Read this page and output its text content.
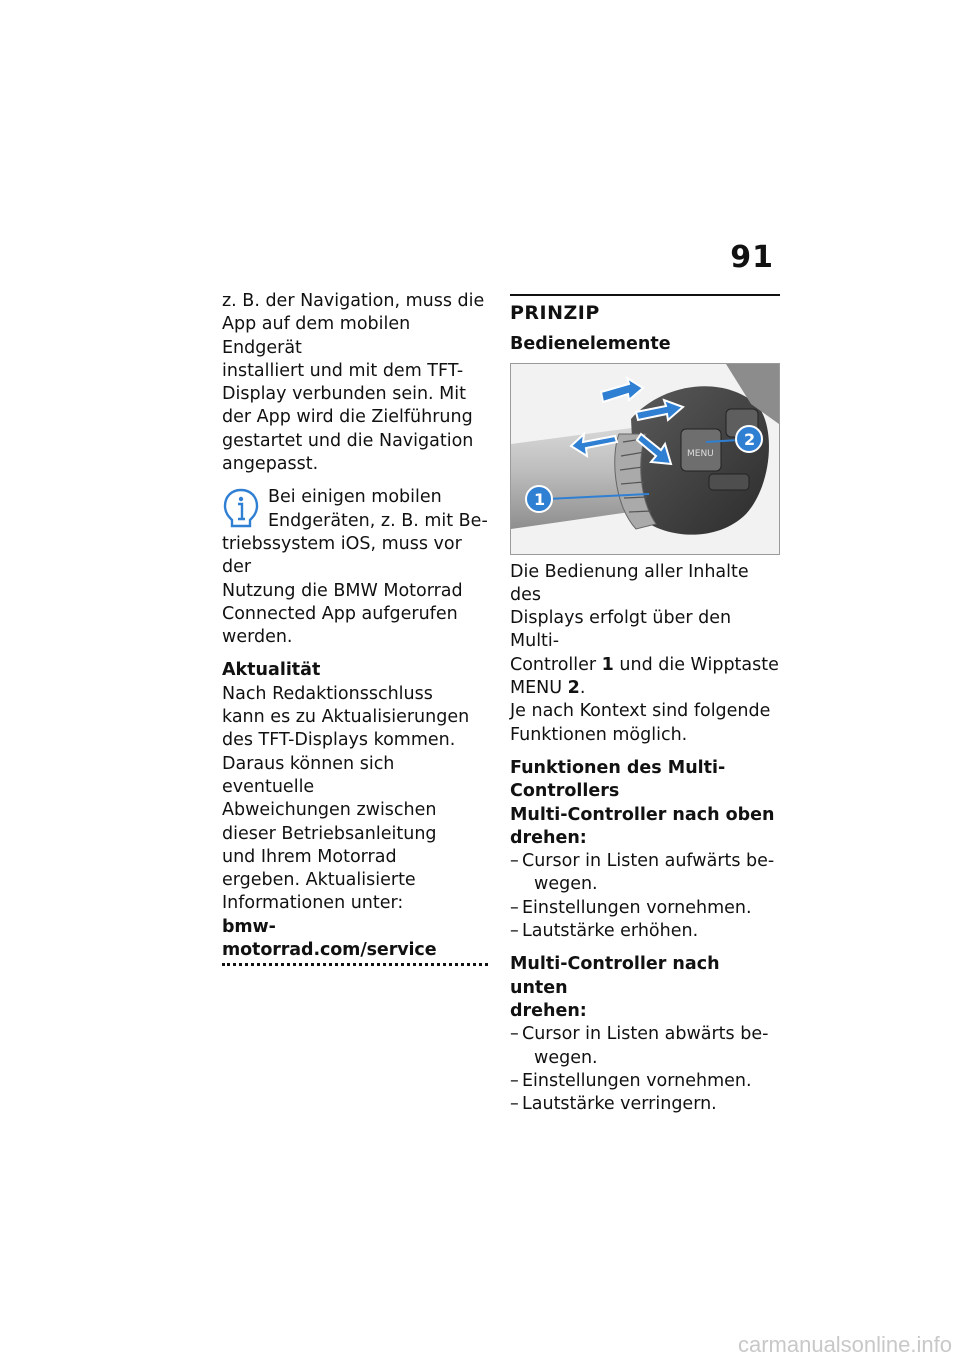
91

z. B. der Navigation, muss die
App auf dem mobilen Endgerät
installiert und mit dem TFT-
Display verbunden sein. Mit
der App wird die Zielführung
gestartet und die Navigation
angepasst.

Bei einigen mobilen
Endgeräten, z. B. mit Be-
triebssystem iOS, muss vor der
Nutzung die BMW Motorrad
Connected App aufgerufen
werden.

Aktualität

Nach Redaktionsschluss
kann es zu Aktualisierungen
des TFT-Displays kommen.
Daraus können sich eventuelle
Abweichungen zwischen
dieser Betriebsanleitung
und Ihrem Motorrad
ergeben. Aktualisierte
Informationen unter:
bmw-motorrad.com/service

PRINZIP

Bedienelemente

MENU
1
2

Die Bedienung aller Inhalte des
Displays erfolgt über den Multi-
Controller 1 und die Wipptaste
MENU 2.
Je nach Kontext sind folgende
Funktionen möglich.

Funktionen des Multi-
Controllers

Multi-Controller nach oben
drehen:

– Cursor in Listen aufwärts be-wegen.
– Einstellungen vornehmen.
– Lautstärke erhöhen.

Multi-Controller nach unten
drehen:

– Cursor in Listen abwärts be-wegen.
– Einstellungen vornehmen.
– Lautstärke verringern.
carmanualsonline.info
